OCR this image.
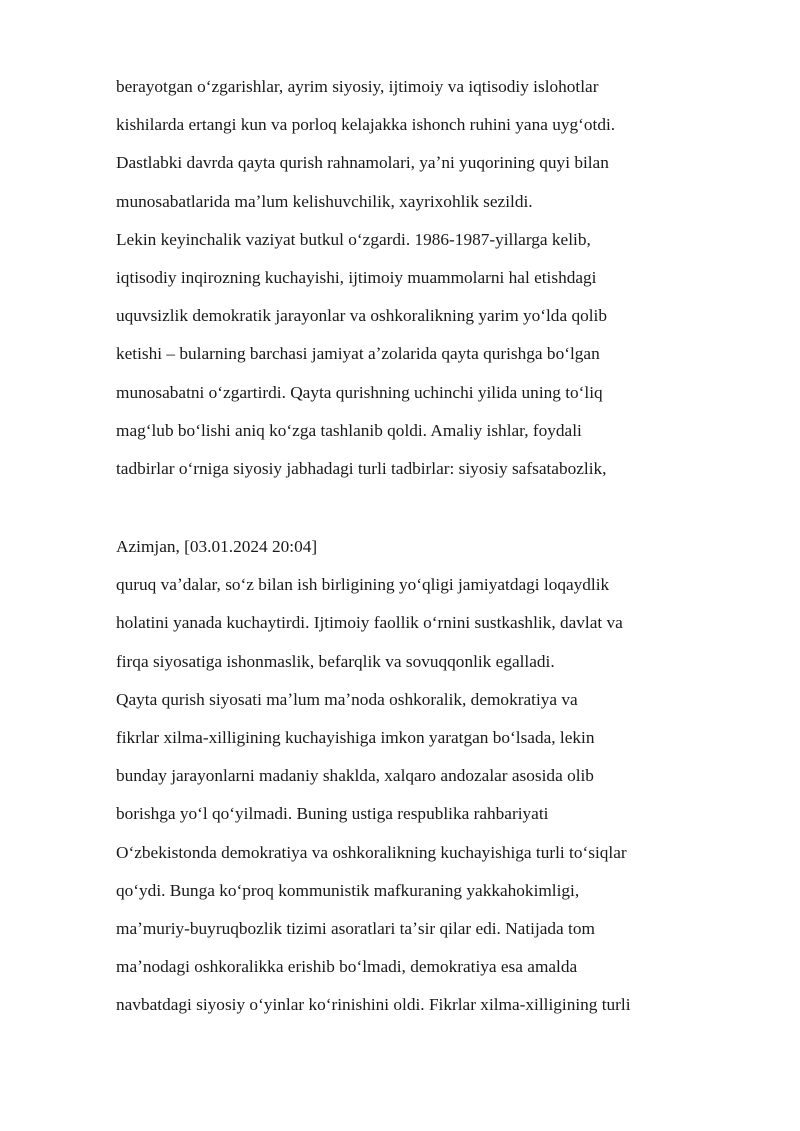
berayotgan oʻzgarishlar, ayrim siyosiy, ijtimoiy va iqtisodiy islohotlar
kishilarda ertangi kun va porloq kelajakka ishonch ruhini yana uygʻotdi.
Dastlabki davrda qayta qurish rahnamolari, yaʼni yuqorining quyi bilan
munosabatlarida maʼlum kelishuvchilik, xayrixohlik sezildi.
Lekin keyinchalik vaziyat butkul oʻzgardi. 1986-1987-yillarga kelib,
iqtisodiy inqirozning kuchayishi, ijtimoiy muammolarni hal etishdagi
uquvsizlik demokratik jarayonlar va oshkoralikning yarim yoʻlda qolib
ketishi – bularning barchasi jamiyat aʼzolarida qayta qurishga boʻlgan
munosabatni oʻzgartirdi. Qayta qurishning uchinchi yilida uning toʻliq
magʻlub boʻlishi aniq koʻzga tashlanib qoldi. Amaliy ishlar, foydali
tadbirlar oʻrniga siyosiy jabhadagi turli tadbirlar: siyosiy safsatabozlik,
Azimjan, [03.01.2024 20:04]
quruq vaʼdalar, soʻz bilan ish birligining yoʻqligi jamiyatdagi loqaydlik
holatini yanada kuchaytirdi. Ijtimoiy faollik oʻrnini sustkashlik, davlat va
firqa siyosatiga ishonmaslik, befarqlik va sovuqqonlik egalladi.
Qayta qurish siyosati maʼlum maʼnoda oshkoralik, demokratiya va
fikrlar xilma-xilligining kuchayishiga imkon yaratgan boʻlsada, lekin
bunday jarayonlarni madaniy shaklda, xalqaro andozalar asosida olib
borishga yoʻl qoʻyilmadi. Buning ustiga respublika rahbariyati
Oʻzbekistonda demokratiya va oshkoralikning kuchayishiga turli toʻsiqlar
qoʻydi. Bunga koʻproq kommunistik mafkuraning yakkahokimligi,
maʼmuriy-buyruqbozlik tizimi asoratlari taʼsir qilar edi. Natijada tom
maʼnodagi oshkoralikka erishib boʻlmadi, demokratiya esa amalda
navbatdagi siyosiy oʻyinlar koʻrinishini oldi. Fikrlar xilma-xilligining turli
